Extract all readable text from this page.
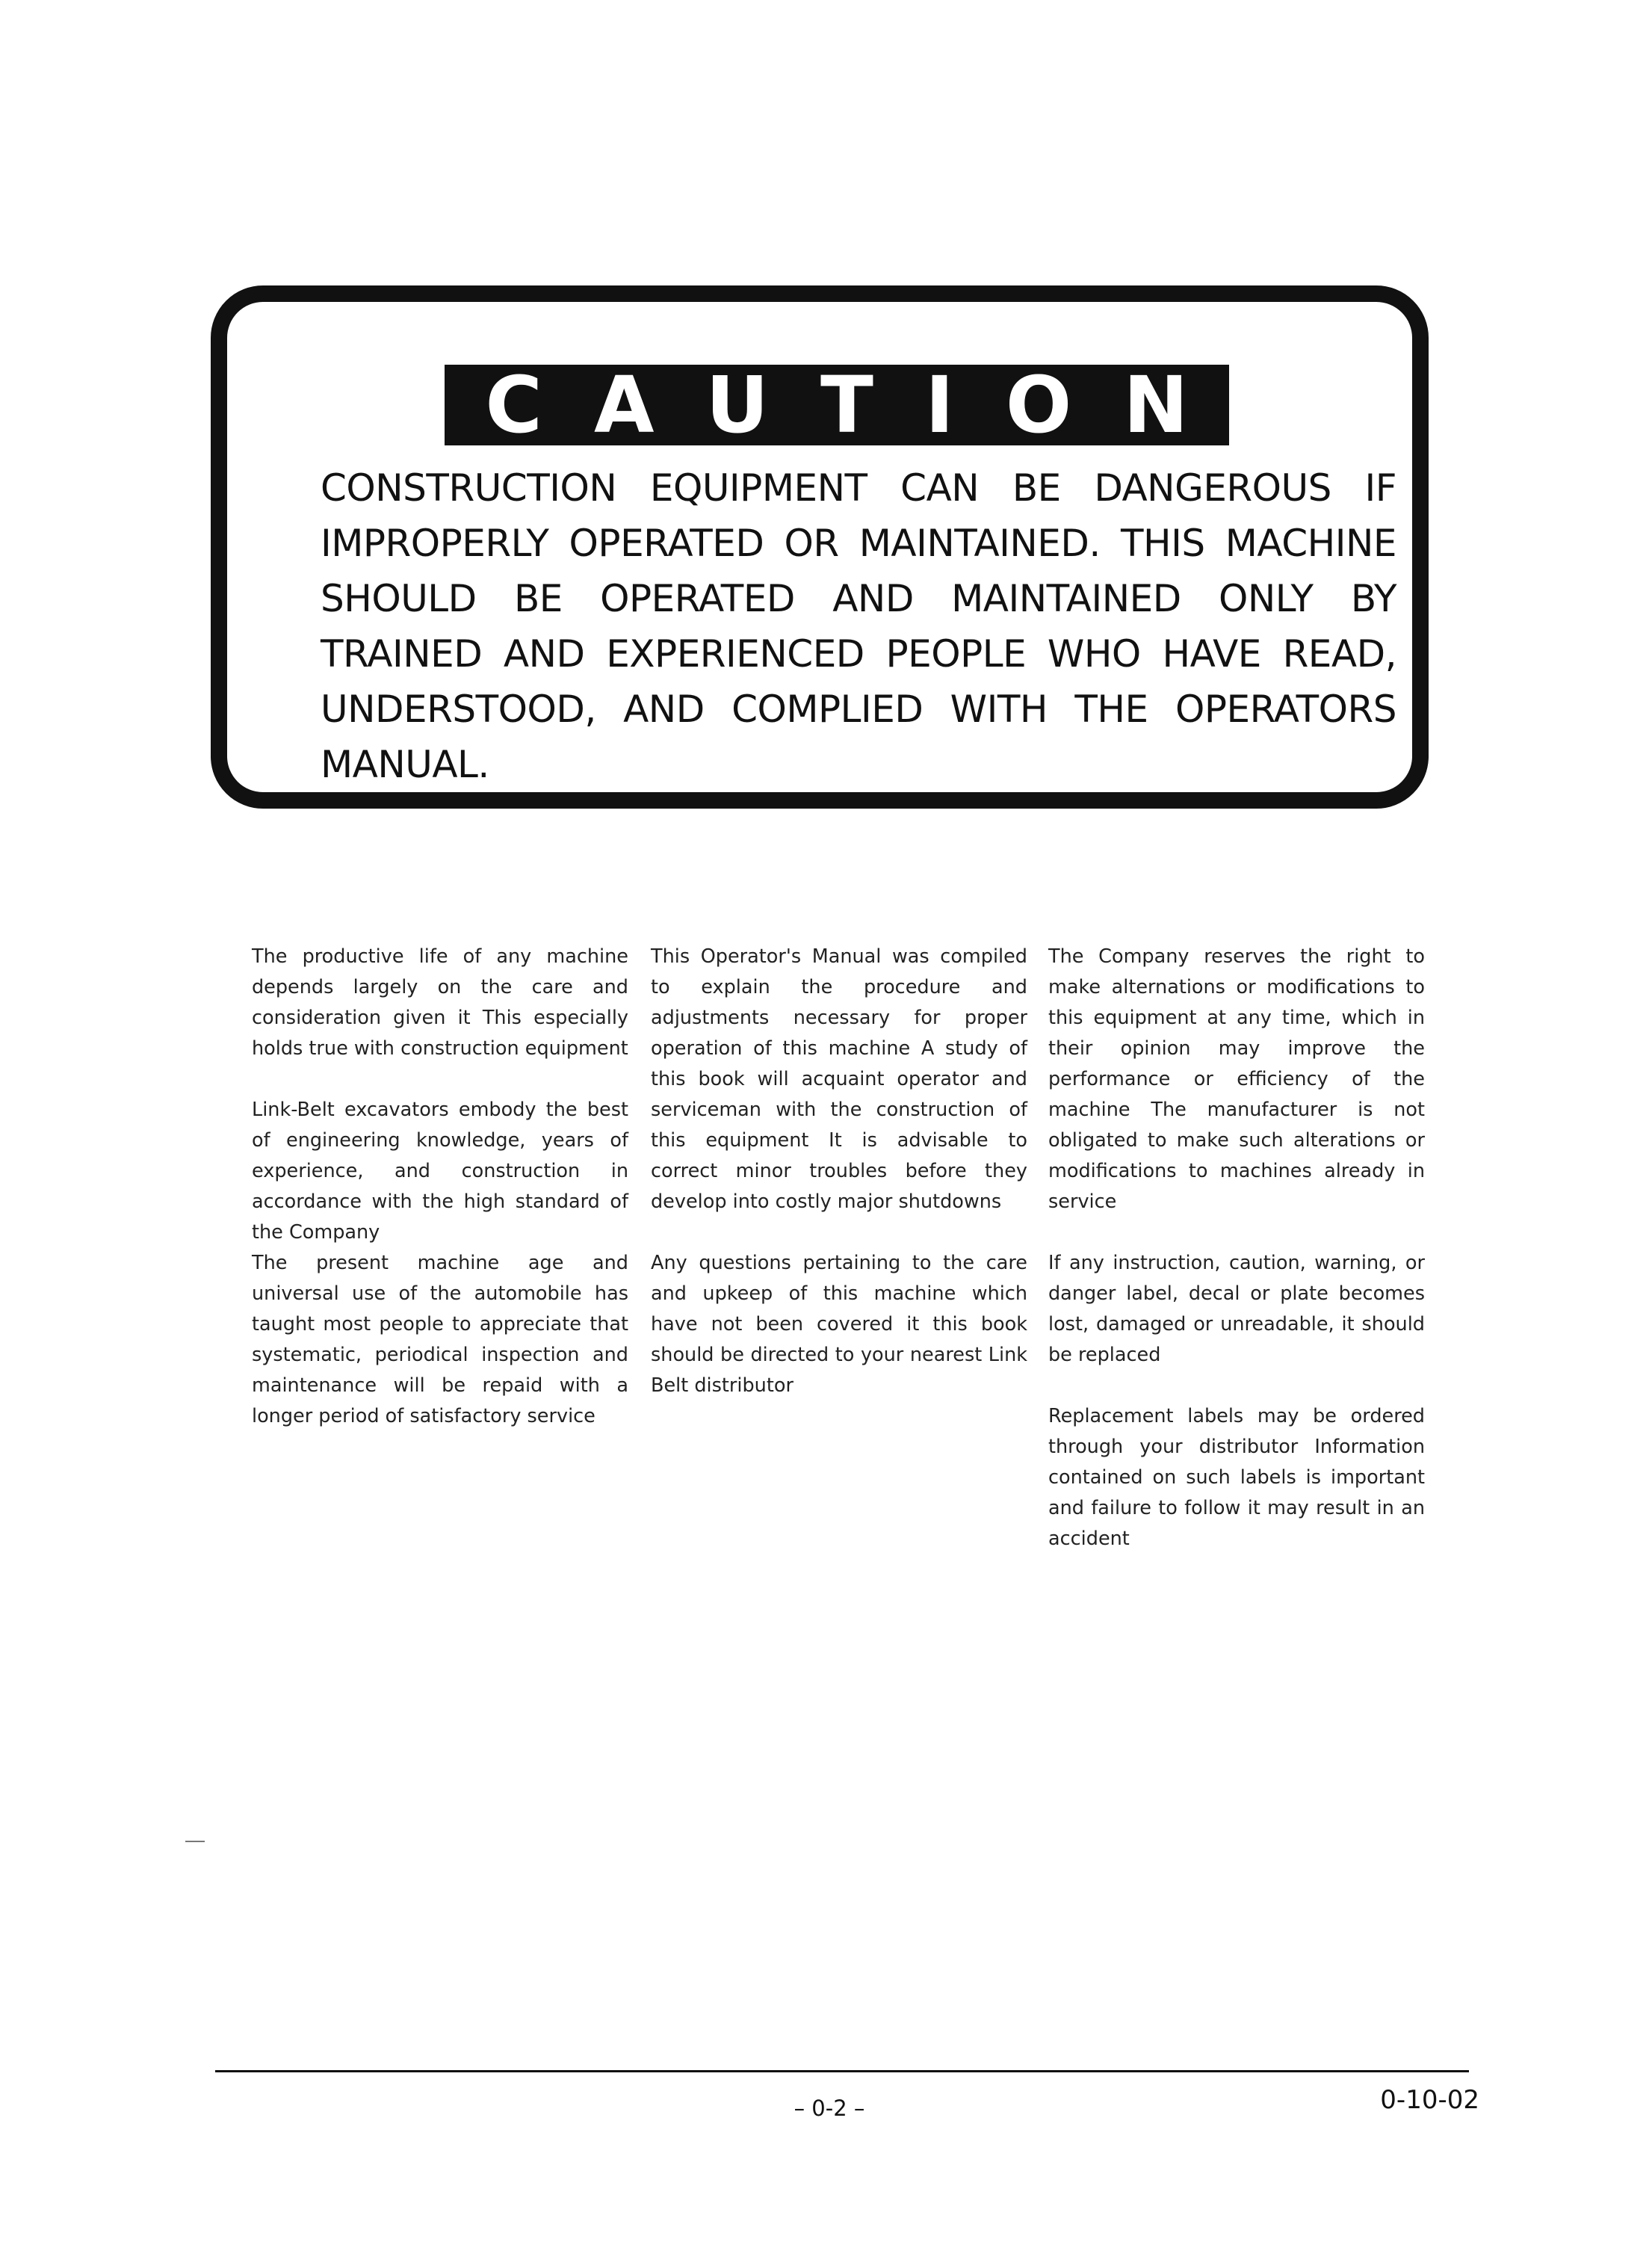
C A U T I O N

CONSTRUCTION EQUIPMENT CAN BE DANGEROUS IF IMPROPERLY OPERATED OR MAINTAINED. THIS MACHINE SHOULD BE OPERATED AND MAINTAINED ONLY BY TRAINED AND EXPERIENCED PEOPLE WHO HAVE READ, UNDERSTOOD, AND COMPLIED WITH THE OPERATORS MANUAL.

The productive life of any machine depends largely on the care and consideration given it This especially holds true with construction equipment

Link-Belt excavators embody the best of engineering knowledge, years of experience, and construction in accordance with the high standard of the Company

The present machine age and universal use of the automobile has taught most people to appreciate that systematic, periodical inspection and maintenance will be repaid with a longer period of satisfactory service

This Operator's Manual was compiled to explain the procedure and adjustments necessary for proper operation of this machine A study of this book will acquaint operator and serviceman with the construction of this equipment It is advisable to correct minor troubles before they develop into costly major shutdowns

Any questions pertaining to the care and upkeep of this machine which have not been covered it this book should be directed to your nearest Link Belt distributor

The Company reserves the right to make alternations or modifications to this equipment at any time, which in their opinion may improve the performance or efficiency of the machine The manufacturer is not obligated to make such alterations or modifications to machines already in service

If any instruction, caution, warning, or danger label, decal or plate becomes lost, damaged or unreadable, it should be replaced

Replacement labels may be ordered through your distributor Information contained on such labels is important and failure to follow it may result in an accident

– 0-2 –	0-10-02
